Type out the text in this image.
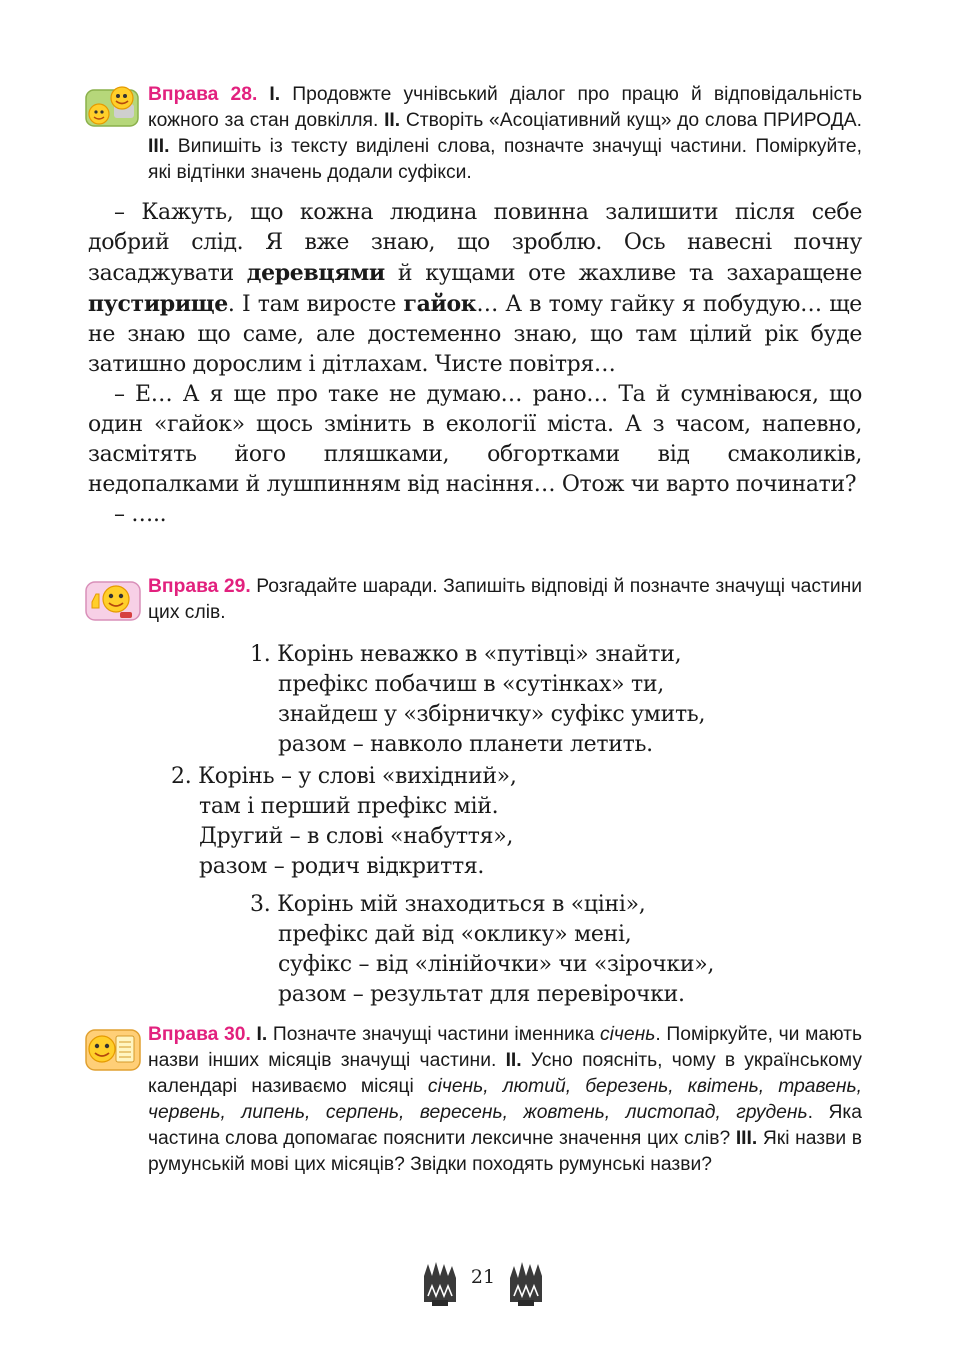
Вправа 28. I. Продовжте учнівський діалог про працю й відповідальність кожного за стан довкілля. II. Створіть «Асоціативний кущ» до слова ПРИРОДА. III. Випишіть із тексту виділені слова, позначте значущі частини. Поміркуйте, які відтінки значень додали суфікси.

– Кажуть, що кожна людина повинна залишити після себе добрий слід. Я вже знаю, що зроблю. Ось навесні почну засаджувати деревцями й кущами оте жахливе та захаращене пустирище. І там виросте гайок… А в тому гайку я побудую… ще не знаю що саме, але достеменно знаю, що там цілий рік буде затишно дорослим і дітлахам. Чисте повітря…

– Е… А я ще про таке не думаю… рано… Та й сумніваюся, що один «гайок» щось змінить в екології міста. А з часом, напевно, засмітять його пляшками, обгортками від смаколиків, недопалками й лушпинням від насіння… Отож чи варто починати?

– …..

Вправа 29. Розгадайте шаради. Запишіть відповіді й позначте значущі частини цих слів.
1. Корінь неважко в «путівці» знайти,
префікс побачиш в «сутінках» ти,
знайдеш у «збірничку» суфікс умить,
разом – навколо планети летить.
2. Корінь – у слові «вихідний»,
там і перший префікс мій.
Другий – в слові «набуття»,
разом – родич відкриття.
3. Корінь мій знаходиться в «ціні»,
префікс дай від «оклику» мені,
суфікс – від «лінійочки» чи «зірочки»,
разом – результат для перевірочки.
Вправа 30. I. Позначте значущі частини іменника січень. Поміркуйте, чи мають назви інших місяців значущі частини. II. Усно поясніть, чому в українському календарі називаємо місяці січень, лютий, березень, квітень, травень, червень, липень, серпень, вересень, жовтень, листопад, грудень. Яка частина слова допомагає пояснити лексичне значення цих слів? III. Які назви в румунській мові цих місяців? Звідки походять румунські назви?
21
